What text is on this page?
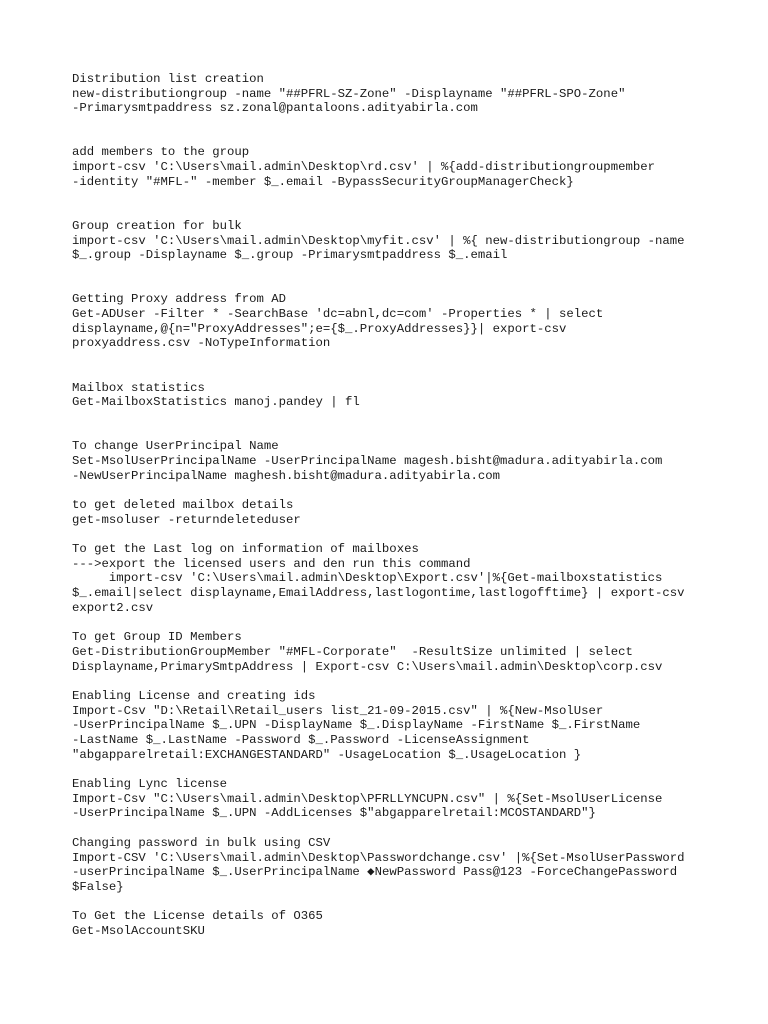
Distribution list creation
new-distributiongroup -name "##PFRL-SZ-Zone" -Displayname "##PFRL-SPO-Zone"
-Primarysmtpaddress sz.zonal@pantaloons.adityabirla.com
add members to the group
import-csv 'C:\Users\mail.admin\Desktop\rd.csv' | %{add-distributiongroupmember
-identity "#MFL-" -member $_.email -BypassSecurityGroupManagerCheck}
Group creation for bulk
import-csv 'C:\Users\mail.admin\Desktop\myfit.csv' | %{ new-distributiongroup -name
$_.group -Displayname $_.group -Primarysmtpaddress $_.email
Getting Proxy address from AD
Get-ADUser -Filter * -SearchBase 'dc=abnl,dc=com' -Properties * | select
displayname,@{n="ProxyAddresses";e={$_.ProxyAddresses}}| export-csv
proxyaddress.csv -NoTypeInformation
Mailbox statistics
Get-MailboxStatistics manoj.pandey | fl
To change UserPrincipal Name
Set-MsolUserPrincipalName -UserPrincipalName magesh.bisht@madura.adityabirla.com
-NewUserPrincipalName maghesh.bisht@madura.adityabirla.com
to get deleted mailbox details
get-msoluser -returndeleteduser
To get the Last log on information of mailboxes
--->export the licensed users and den run this command
import-csv 'C:\Users\mail.admin\Desktop\Export.csv'|%{Get-mailboxstatistics
$_.email|select displayname,EmailAddress,lastlogontime,lastlogofftime} | export-csv
export2.csv
To get Group ID Members
Get-DistributionGroupMember "#MFL-Corporate"  -ResultSize unlimited | select
Displayname,PrimarySmtpAddress | Export-csv C:\Users\mail.admin\Desktop\corp.csv
Enabling License and creating ids
Import-Csv "D:\Retail\Retail_users list_21-09-2015.csv" | %{New-MsolUser
-UserPrincipalName $_.UPN -DisplayName $_.DisplayName -FirstName $_.FirstName
-LastName $_.LastName -Password $_.Password -LicenseAssignment
"abgapparelretail:EXCHANGESTANDARD" -UsageLocation $_.UsageLocation }
Enabling Lync license
Import-Csv "C:\Users\mail.admin\Desktop\PFRLLYNCUPN.csv" | %{Set-MsolUserLicense
-UserPrincipalName $_.UPN -AddLicenses $"abgapparelretail:MCOSTANDARD"}
Changing password in bulk using CSV
Import-CSV 'C:\Users\mail.admin\Desktop\Passwordchange.csv' |%{Set-MsolUserPassword
-userPrincipalName $_.UserPrincipalName ◆NewPassword Pass@123 -ForceChangePassword
$False}
To Get the License details of O365
Get-MsolAccountSKU
